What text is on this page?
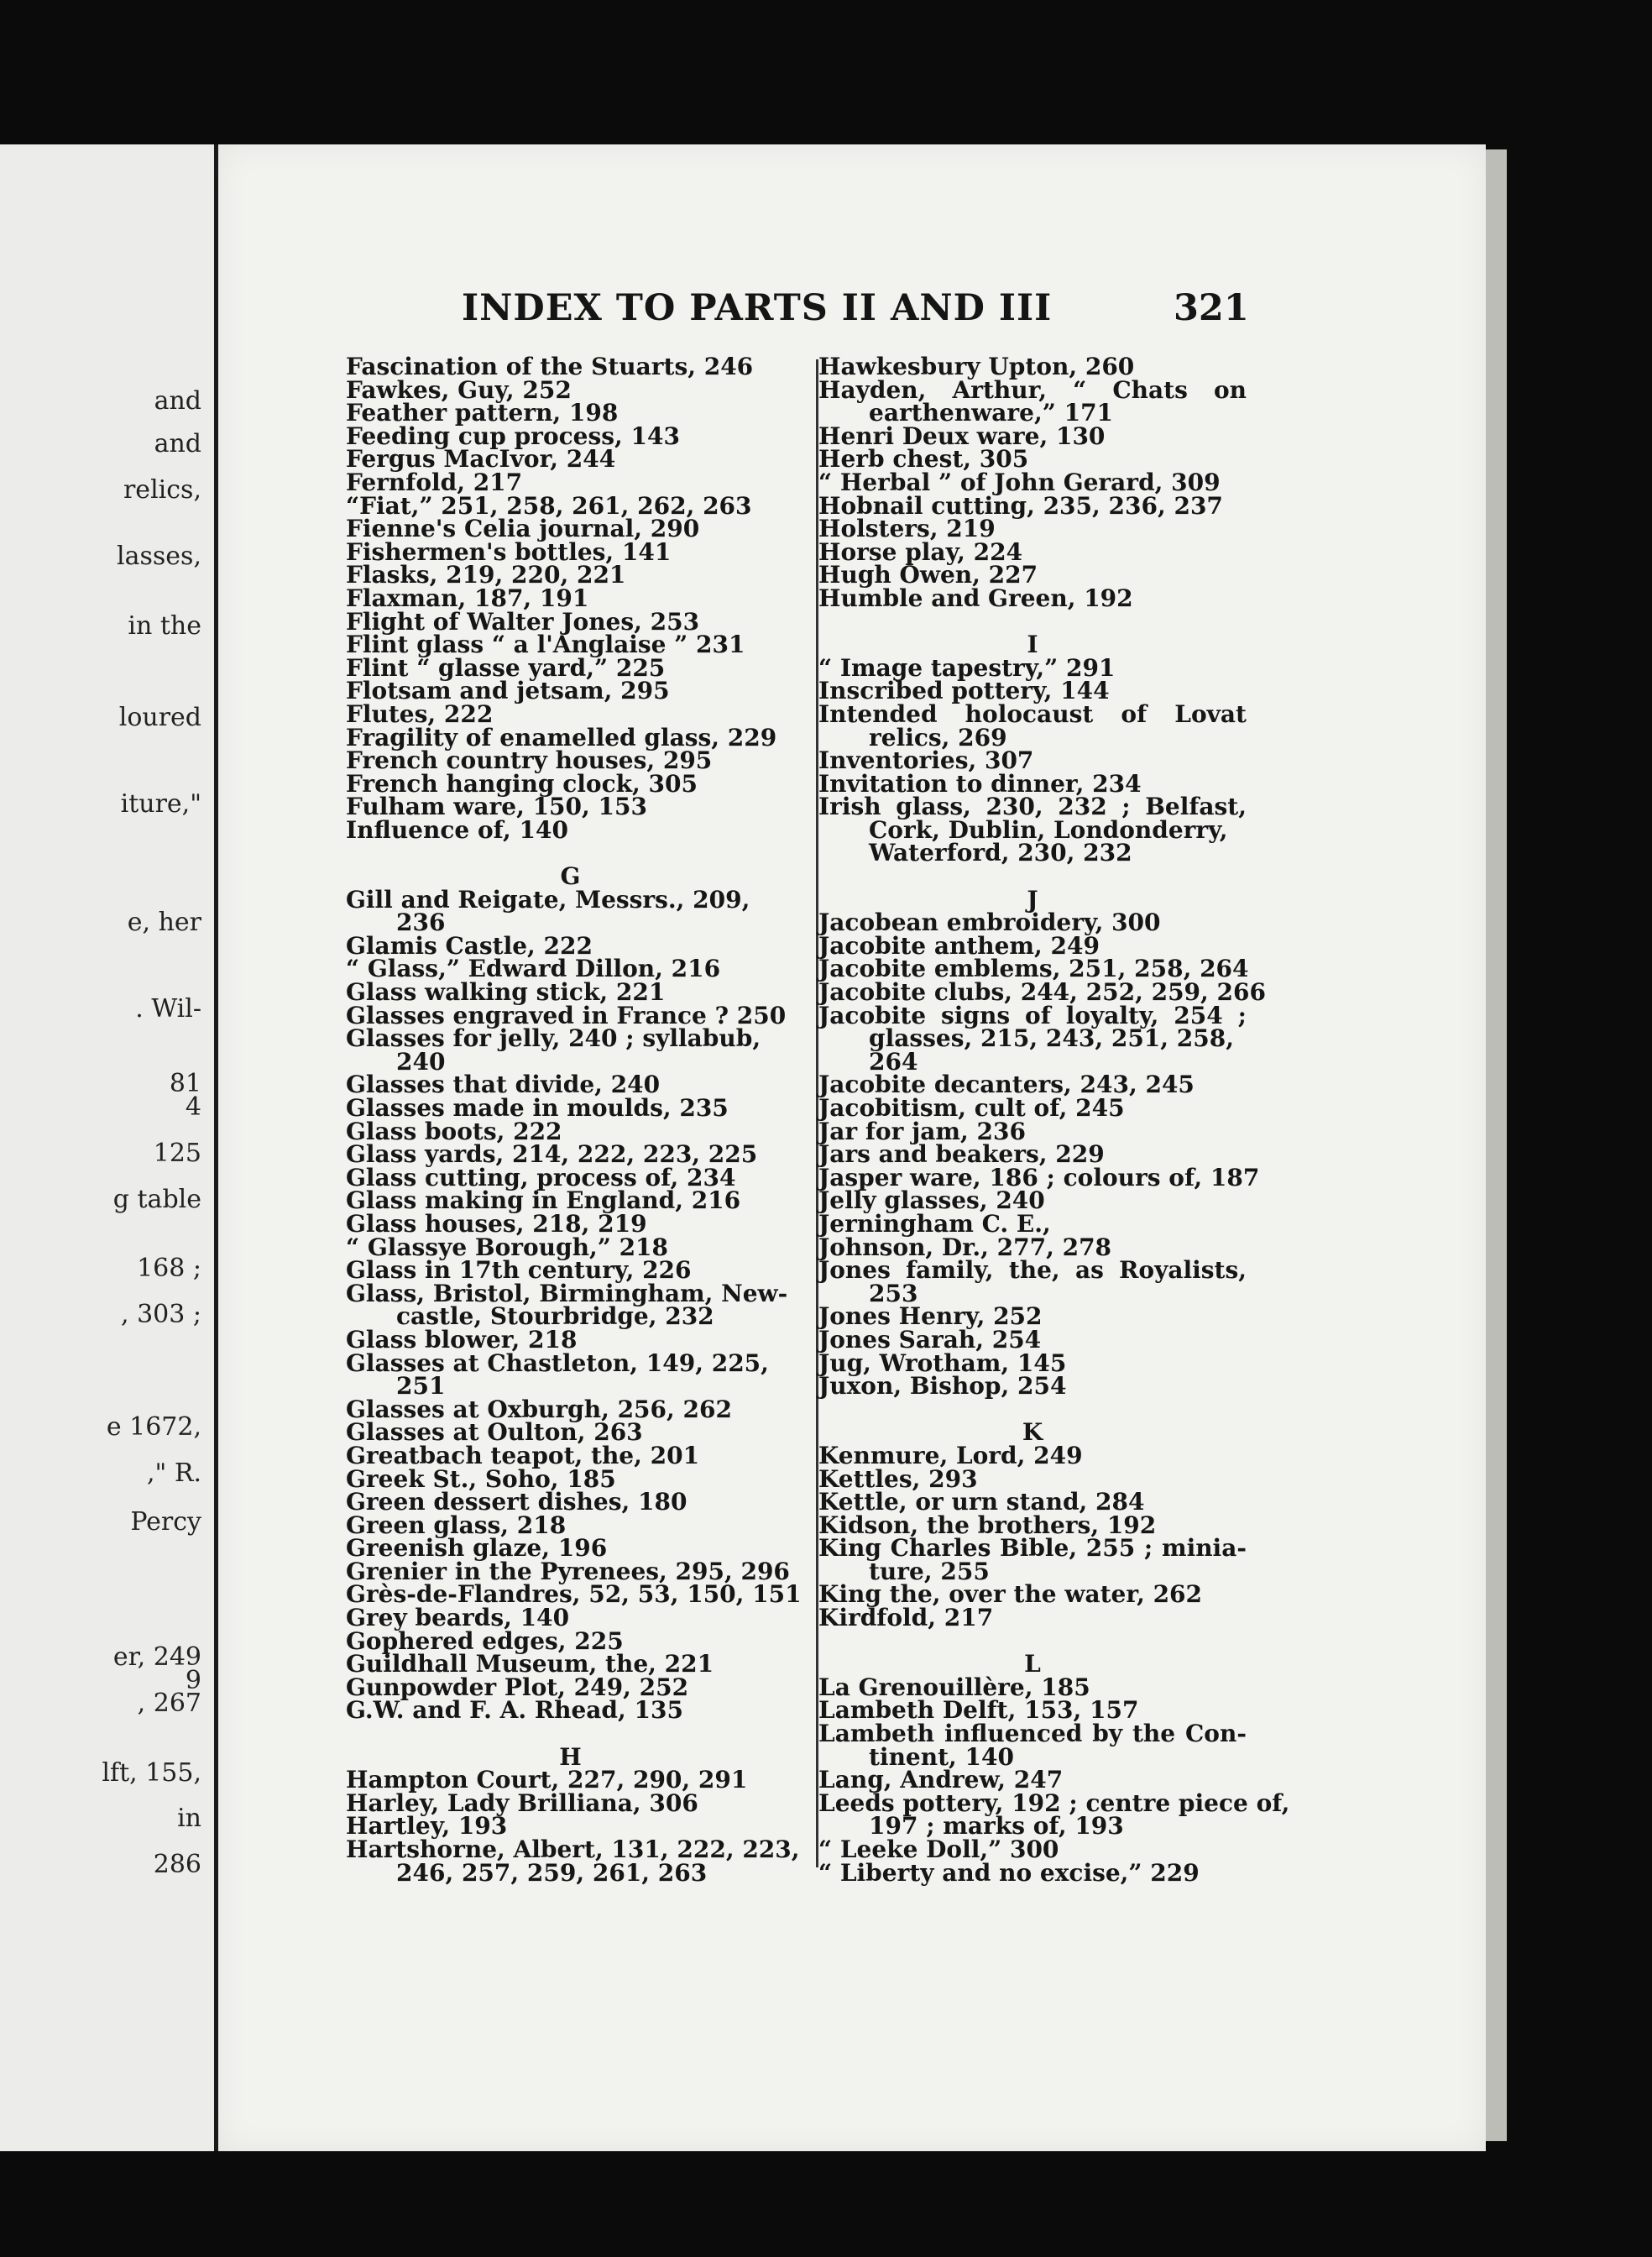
and
and
relics,
lasses,
in the
loured
iture,"
e, her
. Wil-
81
4
125
g table
168 ;
, 303 ;
e 1672,
," R.
Percy
er, 249
9
, 267
lft, 155,
in
286
INDEX TO PARTS II AND III	321
Fascination of the Stuarts, 246
Fawkes, Guy, 252
Feather pattern, 198
Feeding cup process, 143
Fergus MacIvor, 244
Fernfold, 217
“Fiat,” 251, 258, 261, 262, 263
Fienne's Celia journal, 290
Fishermen's bottles, 141
Flasks, 219, 220, 221
Flaxman, 187, 191
Flight of Walter Jones, 253
Flint glass “ a l'Anglaise ” 231
Flint “ glasse yard,” 225
Flotsam and jetsam, 295
Flutes, 222
Fragility of enamelled glass, 229
French country houses, 295
French hanging clock, 305
Fulham ware, 150, 153
Influence of, 140
G
Gill and Reigate, Messrs., 209,
236
Glamis Castle, 222
“ Glass,” Edward Dillon, 216
Glass walking stick, 221
Glasses engraved in France ? 250
Glasses for jelly, 240 ; syllabub,
240
Glasses that divide, 240
Glasses made in moulds, 235
Glass boots, 222
Glass yards, 214, 222, 223, 225
Glass cutting, process of, 234
Glass making in England, 216
Glass houses, 218, 219
“ Glassye Borough,” 218
Glass in 17th century, 226
Glass, Bristol, Birmingham, New-
castle, Stourbridge, 232
Glass blower, 218
Glasses at Chastleton, 149, 225,
251
Glasses at Oxburgh, 256, 262
Glasses at Oulton, 263
Greatbach teapot, the, 201
Greek St., Soho, 185
Green dessert dishes, 180
Green glass, 218
Greenish glaze, 196
Grenier in the Pyrenees, 295, 296
Grès-de-Flandres, 52, 53, 150, 151
Grey beards, 140
Gophered edges, 225
Guildhall Museum, the, 221
Gunpowder Plot, 249, 252
G.W. and F. A. Rhead, 135
H
Hampton Court, 227, 290, 291
Harley, Lady Brilliana, 306
Hartley, 193
Hartshorne, Albert, 131, 222, 223,
246, 257, 259, 261, 263
Hawkesbury Upton, 260
Hayden, Arthur, “ Chats on
earthenware,” 171
Henri Deux ware, 130
Herb chest, 305
“ Herbal ” of John Gerard, 309
Hobnail cutting, 235, 236, 237
Holsters, 219
Horse play, 224
Hugh Owen, 227
Humble and Green, 192
I
“ Image tapestry,” 291
Inscribed pottery, 144
Intended holocaust of Lovat
relics, 269
Inventories, 307
Invitation to dinner, 234
Irish glass, 230, 232 ; Belfast,
Cork, Dublin, Londonderry,
Waterford, 230, 232
J
Jacobean embroidery, 300
Jacobite anthem, 249
Jacobite emblems, 251, 258, 264
Jacobite clubs, 244, 252, 259, 266
Jacobite signs of loyalty, 254 ;
glasses, 215, 243, 251, 258,
264
Jacobite decanters, 243, 245
Jacobitism, cult of, 245
Jar for jam, 236
Jars and beakers, 229
Jasper ware, 186 ; colours of, 187
Jelly glasses, 240
Jerningham C. E.,
Johnson, Dr., 277, 278
Jones family, the, as Royalists,
253
Jones Henry, 252
Jones Sarah, 254
Jug, Wrotham, 145
Juxon, Bishop, 254
K
Kenmure, Lord, 249
Kettles, 293
Kettle, or urn stand, 284
Kidson, the brothers, 192
King Charles Bible, 255 ; minia-
ture, 255
King the, over the water, 262
Kirdfold, 217
L
La Grenouillère, 185
Lambeth Delft, 153, 157
Lambeth influenced by the Con-
tinent, 140
Lang, Andrew, 247
Leeds pottery, 192 ; centre piece of,
197 ; marks of, 193
“ Leeke Doll,” 300
“ Liberty and no excise,” 229
